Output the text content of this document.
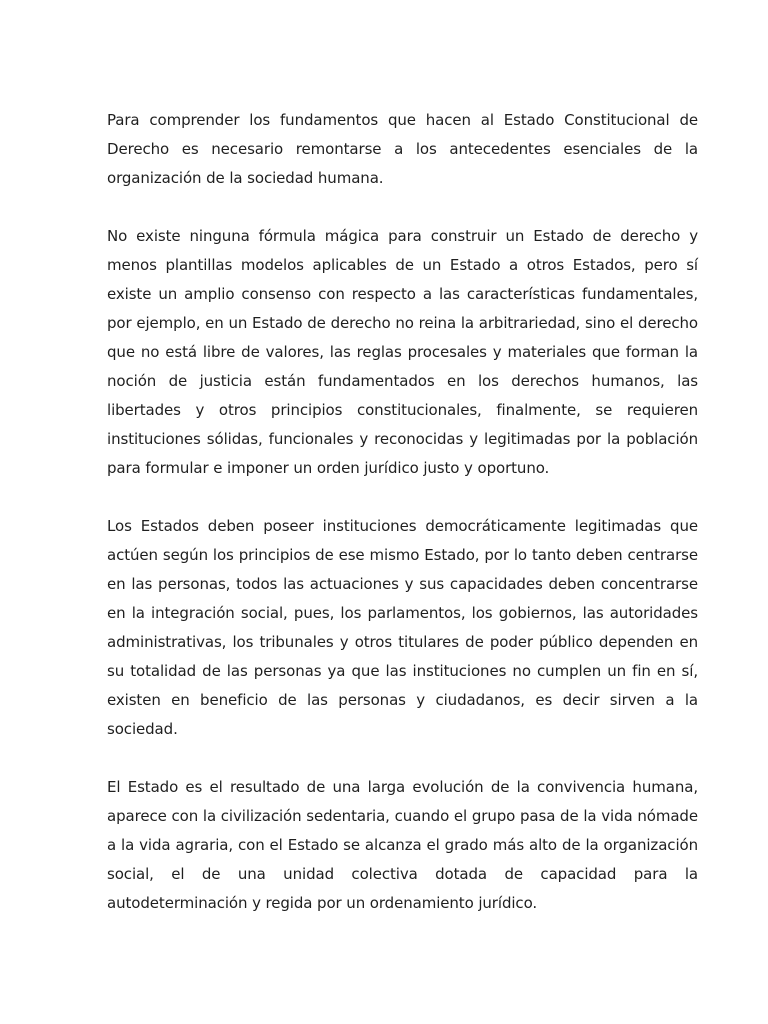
Para comprender los fundamentos que hacen al Estado Constitucional de Derecho es necesario remontarse a los antecedentes esenciales de la organización de la sociedad humana.

No existe ninguna fórmula mágica para construir un Estado de derecho y menos plantillas modelos aplicables de un Estado a otros Estados, pero sí existe un amplio consenso con respecto a las características fundamentales, por ejemplo, en un Estado de derecho no reina la arbitrariedad, sino el derecho que no está libre de valores, las reglas procesales y materiales que forman la noción de justicia están fundamentados en los derechos humanos, las libertades y otros principios constitucionales, finalmente, se requieren instituciones sólidas, funcionales y reconocidas y legitimadas por la población para formular e imponer un orden jurídico justo y oportuno.

Los Estados deben poseer instituciones democráticamente legitimadas que actúen según los principios de ese mismo Estado, por lo tanto deben centrarse en las personas, todos las actuaciones y sus capacidades deben concentrarse en la integración social, pues, los parlamentos, los gobiernos, las autoridades administrativas, los tribunales y otros titulares de poder público dependen en su totalidad de las personas ya que las instituciones no cumplen un fin en sí, existen en beneficio de las personas y ciudadanos, es decir sirven a la sociedad.

El Estado es el resultado de una larga evolución de la convivencia humana, aparece con la civilización sedentaria, cuando el grupo pasa de la vida nómade a la vida agraria, con el Estado se alcanza el grado más alto de la organización social, el de una unidad colectiva dotada de capacidad para la autodeterminación y regida por un ordenamiento jurídico.
